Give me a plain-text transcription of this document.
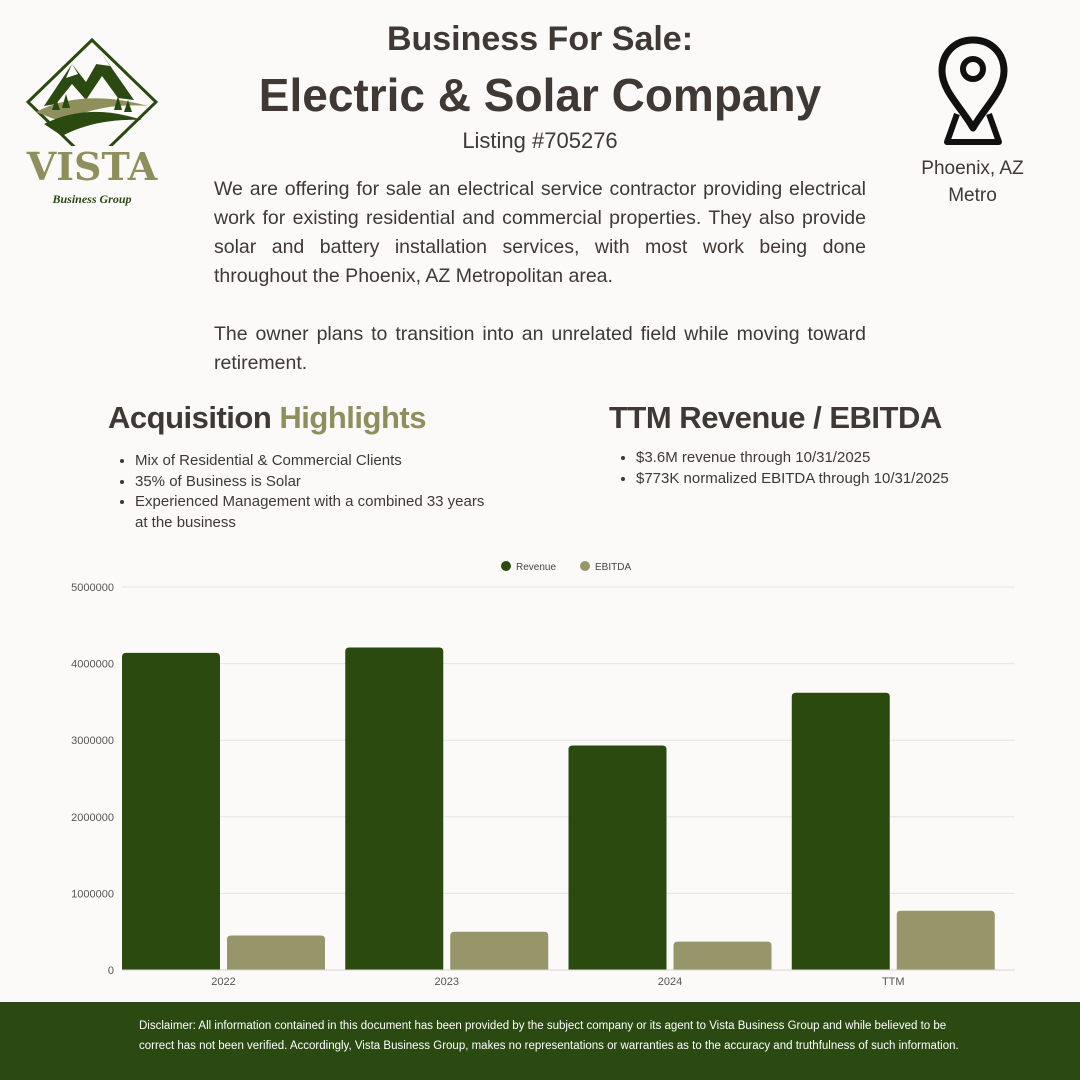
VISTA
Business Group
Business For Sale:
Electric & Solar Company
Listing #705276
Phoenix, AZ
Metro

We are offering for sale an electrical service contractor providing electrical work for existing residential and commercial properties. They also provide solar and battery installation services, with most work being done throughout the Phoenix, AZ Metropolitan area.

The owner plans to transition into an unrelated field while moving toward retirement.

Acquisition Highlights
• Mix of Residential & Commercial Clients
• 35% of Business is Solar
• Experienced Management with a combined 33 years at the business
TTM Revenue / EBITDA
• $3.6M revenue through 10/31/2025
• $773K normalized EBITDA through 10/31/2025
0
1000000
2000000
3000000
4000000
5000000
2022	2023	2024	TTM
Revenue	EBITDA
Disclaimer: All information contained in this document has been provided by the subject company or its agent to Vista Business Group and while believed to be correct has not been verified. Accordingly, Vista Business Group, makes no representations or warranties as to the accuracy and truthfulness of such information.
